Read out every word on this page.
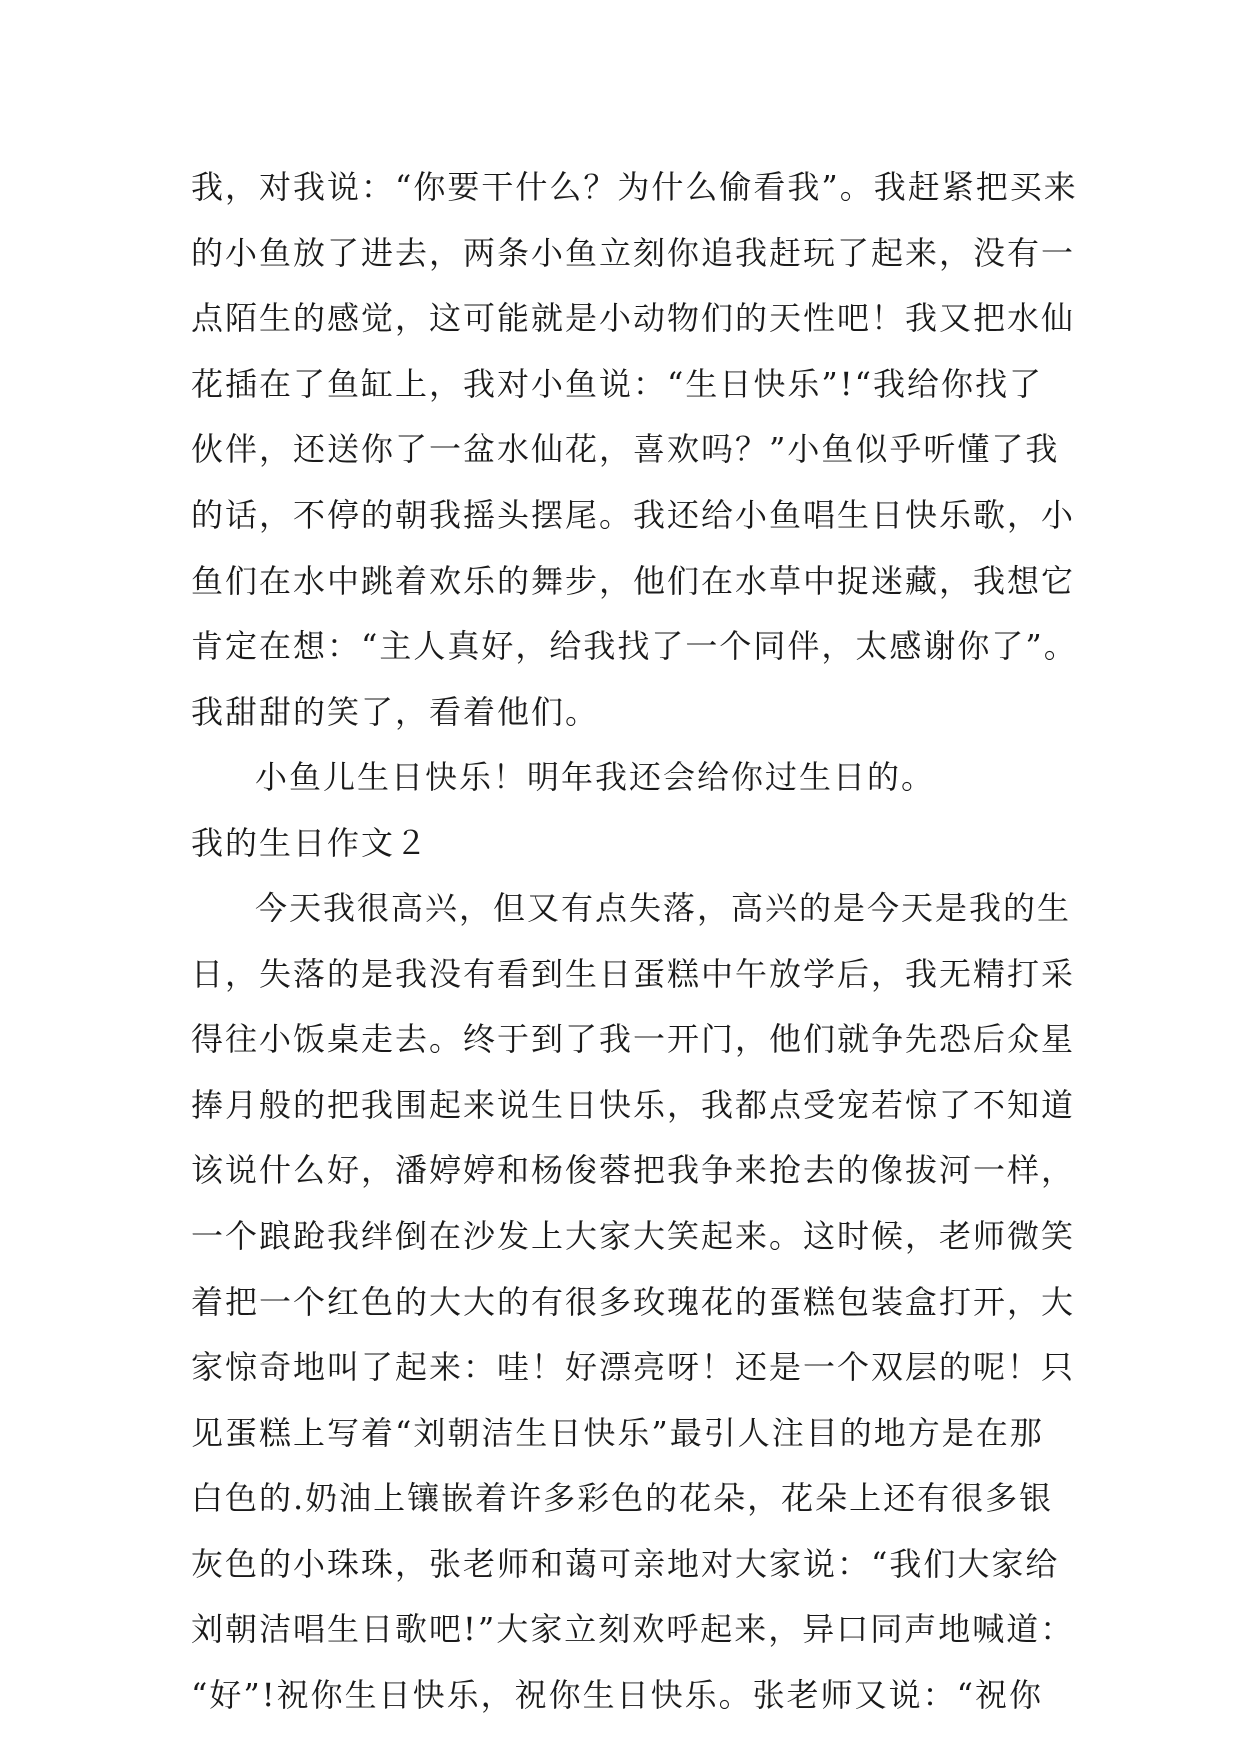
我，对我说：“你要干什么？为什么偷看我”。我赶紧把买来
的小鱼放了进去，两条小鱼立刻你追我赶玩了起来，没有一
点陌生的感觉，这可能就是小动物们的天性吧！我又把水仙
花插在了鱼缸上，我对小鱼说：“生日快乐”!“我给你找了
伙伴，还送你了一盆水仙花，喜欢吗？”小鱼似乎听懂了我
的话，不停的朝我摇头摆尾。我还给小鱼唱生日快乐歌，小
鱼们在水中跳着欢乐的舞步，他们在水草中捉迷藏，我想它
肯定在想：“主人真好，给我找了一个同伴，太感谢你了”。
我甜甜的笑了，看着他们。
小鱼儿生日快乐！明年我还会给你过生日的。
我的生日作文２
今天我很高兴，但又有点失落，高兴的是今天是我的生
日，失落的是我没有看到生日蛋糕中午放学后，我无精打采
得往小饭桌走去。终于到了我一开门，他们就争先恐后众星
捧月般的把我围起来说生日快乐，我都点受宠若惊了不知道
该说什么好，潘婷婷和杨俊蓉把我争来抢去的像拔河一样，
一个踉跄我绊倒在沙发上大家大笑起来。这时候，老师微笑
着把一个红色的大大的有很多玫瑰花的蛋糕包装盒打开，大
家惊奇地叫了起来：哇！好漂亮呀！还是一个双层的呢！只
见蛋糕上写着“刘朝洁生日快乐”最引人注目的地方是在那
白色的.奶油上镶嵌着许多彩色的花朵，花朵上还有很多银
灰色的小珠珠，张老师和蔼可亲地对大家说：“我们大家给
刘朝洁唱生日歌吧!”大家立刻欢呼起来，异口同声地喊道：
“好”!祝你生日快乐，祝你生日快乐。张老师又说：“祝你
